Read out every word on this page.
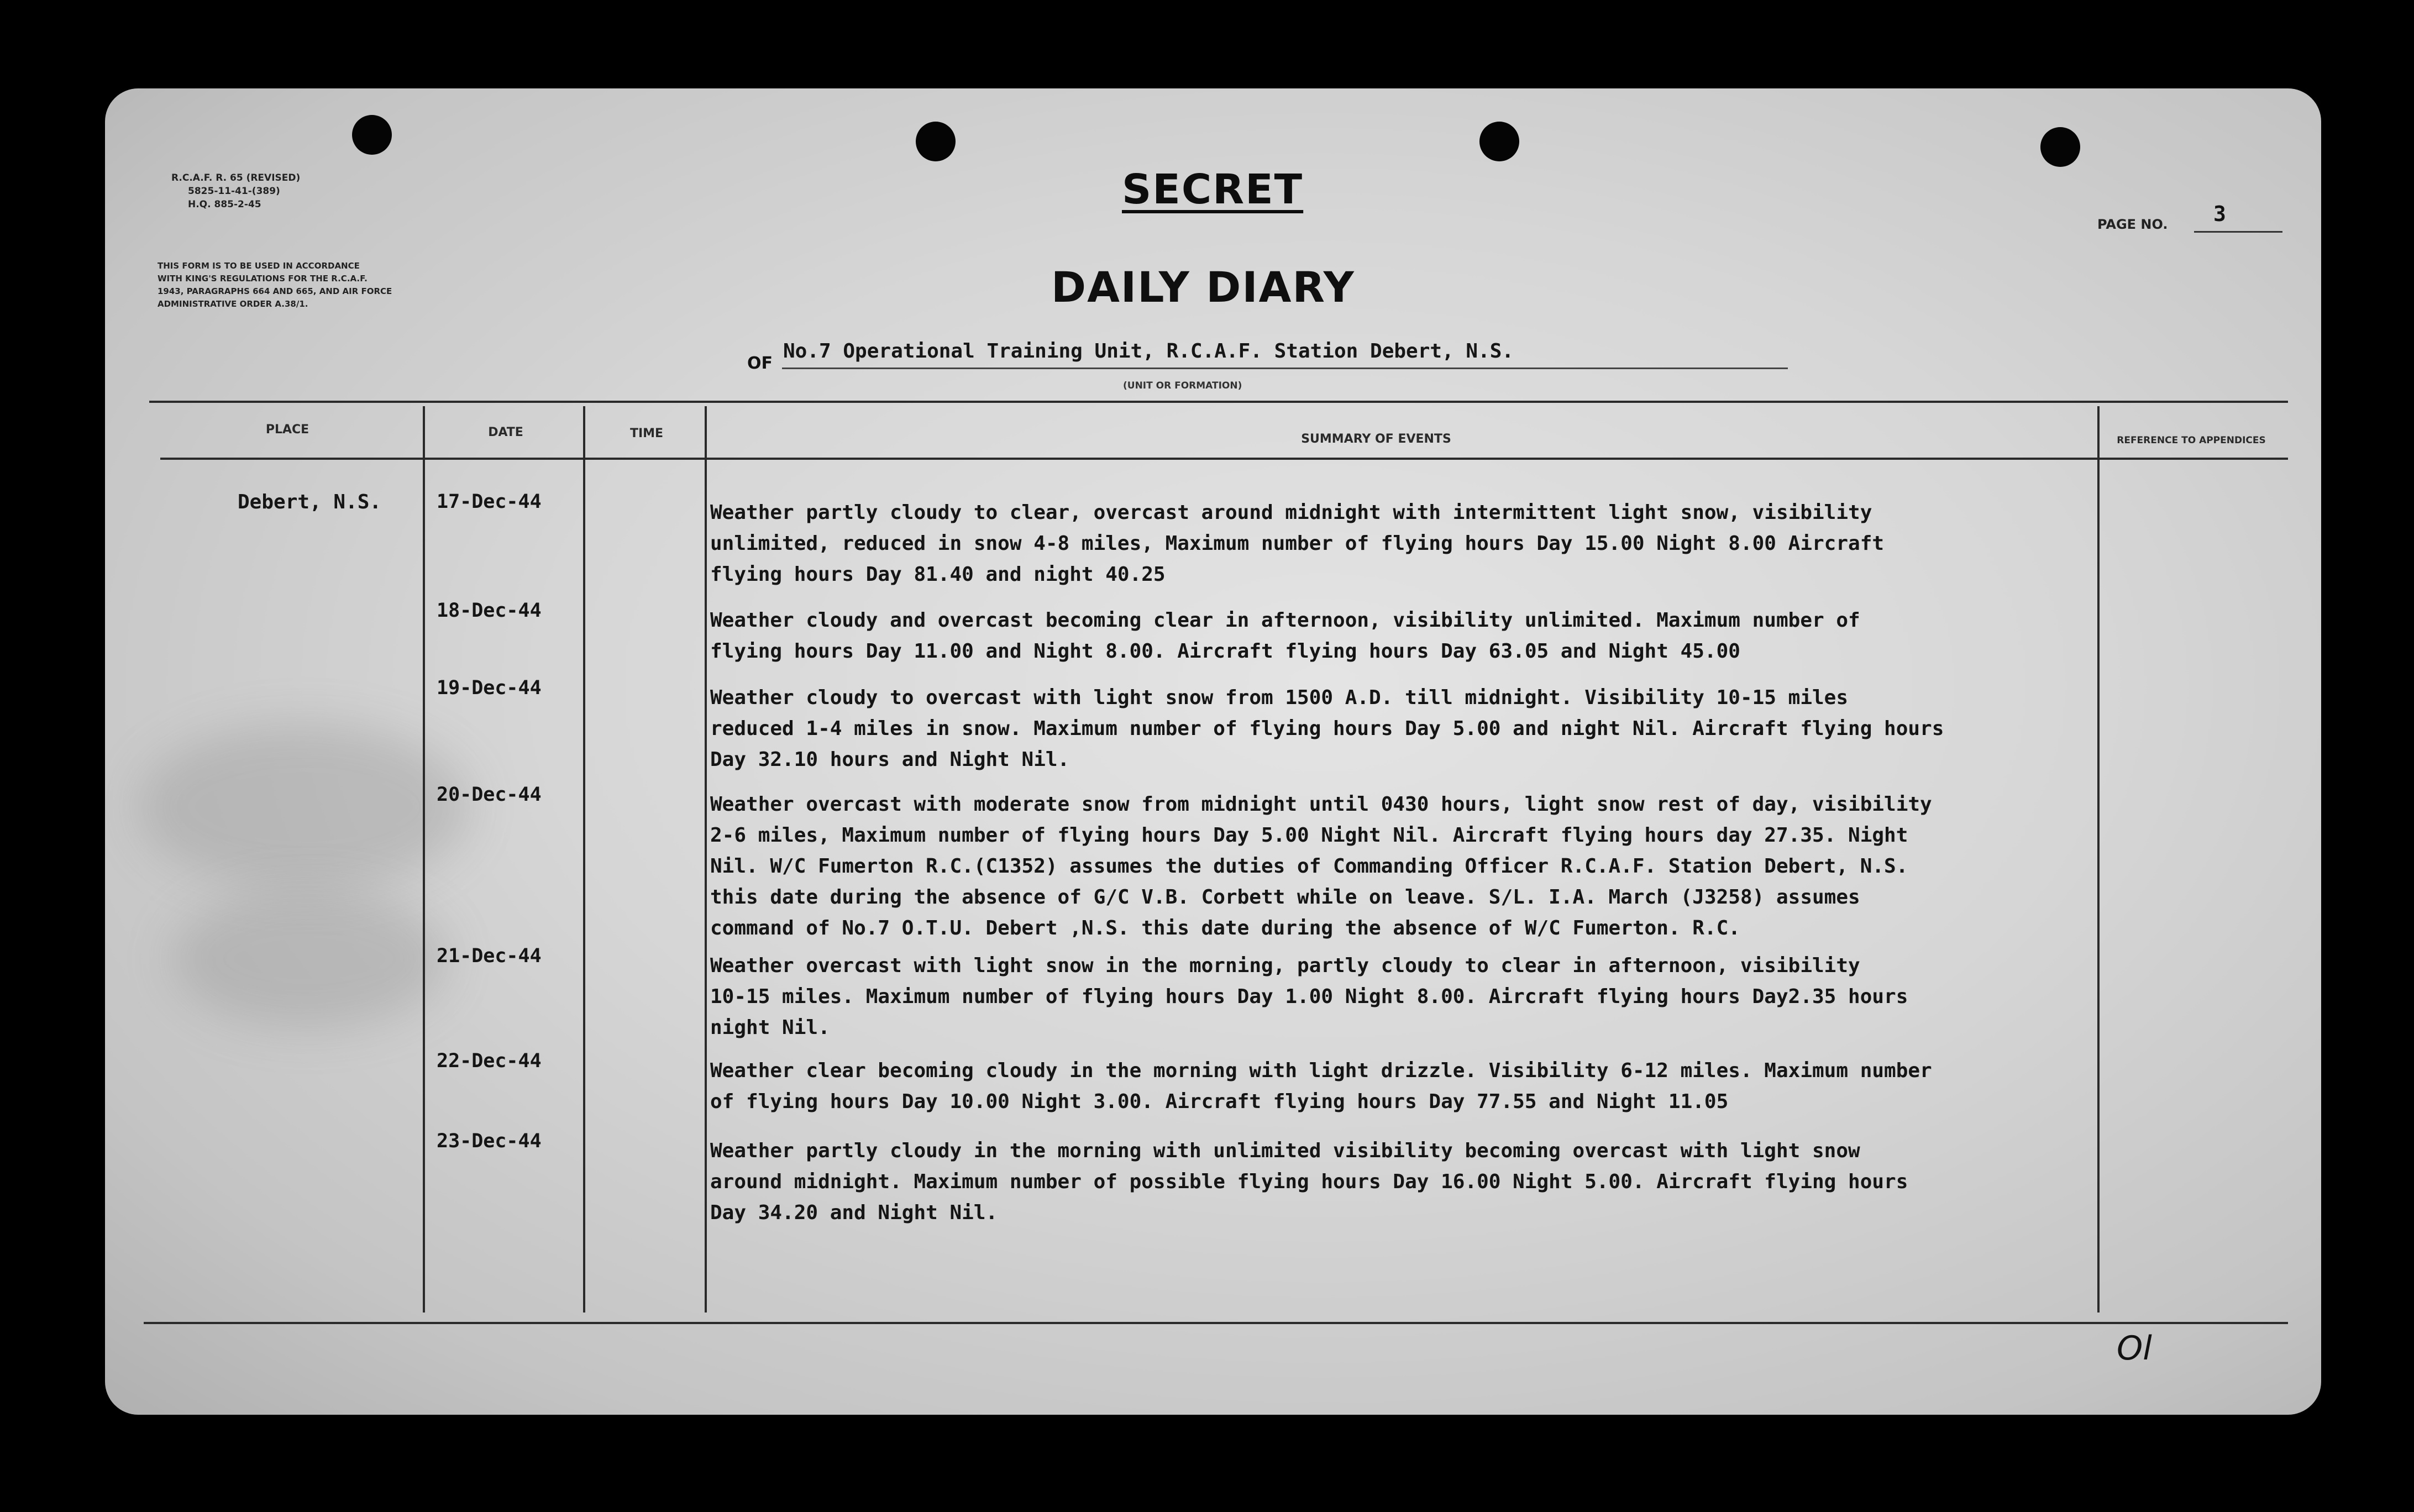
R.C.A.F. R. 65 (REVISED)
5825-11-41-(389)
H.Q. 885-2-45
THIS FORM IS TO BE USED IN ACCORDANCE
WITH KING'S REGULATIONS FOR THE R.C.A.F.
1943, PARAGRAPHS 664 AND 665, AND AIR FORCE
ADMINISTRATIVE ORDER A.38/1.
SECRET
PAGE NO. 3
DAILY DIARY
OF
No.7 Operational Training Unit, R.C.A.F. Station Debert, N.S.
(UNIT OR FORMATION)
PLACE	DATE	TIME	SUMMARY OF EVENTS	REFERENCE TO APPENDICES
Debert, N.S.	17-Dec-44	Weather partly cloudy to clear, overcast around midnight with intermittent light snow, visibility
unlimited, reduced in snow 4-8 miles, Maximum number of flying hours Day 15.00 Night 8.00 Aircraft
flying hours Day 81.40 and night 40.25
18-Dec-44	Weather cloudy and overcast becoming clear in afternoon, visibility unlimited. Maximum number of
flying hours Day 11.00 and Night 8.00. Aircraft flying hours Day 63.05 and Night 45.00
19-Dec-44	Weather cloudy to overcast with light snow from 1500 A.D. till midnight. Visibility 10-15 miles
reduced 1-4 miles in snow. Maximum number of flying hours Day 5.00 and night Nil. Aircraft flying hours
Day 32.10 hours and Night Nil.
20-Dec-44	Weather overcast with moderate snow from midnight until 0430 hours, light snow rest of day, visibility
2-6 miles, Maximum number of flying hours Day 5.00 Night Nil. Aircraft flying hours day 27.35. Night
Nil. W/C Fumerton R.C.(C1352) assumes the duties of Commanding Officer R.C.A.F. Station Debert, N.S.
this date during the absence of G/C V.B. Corbett while on leave. S/L. I.A. March (J3258) assumes
command of No.7 O.T.U. Debert ,N.S. this date during the absence of W/C Fumerton. R.C.
21-Dec-44	Weather overcast with light snow in the morning, partly cloudy to clear in afternoon, visibility
10-15 miles. Maximum number of flying hours Day 1.00 Night 8.00. Aircraft flying hours Day2.35 hours
night Nil.
22-Dec-44	Weather clear becoming cloudy in the morning with light drizzle. Visibility 6-12 miles. Maximum number
of flying hours Day 10.00 Night 3.00. Aircraft flying hours Day 77.55 and Night 11.05
23-Dec-44	Weather partly cloudy in the morning with unlimited visibility becoming overcast with light snow
around midnight. Maximum number of possible flying hours Day 16.00 Night 5.00. Aircraft flying hours
Day 34.20 and Night Nil.
Ol
